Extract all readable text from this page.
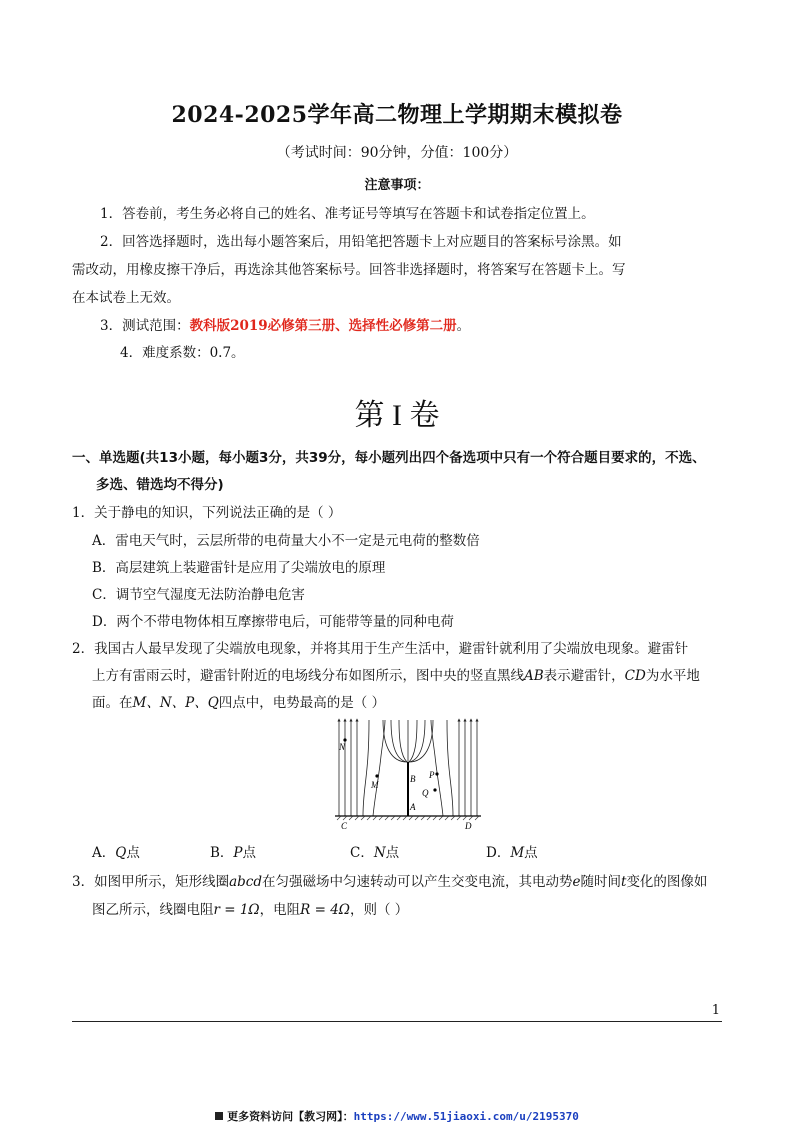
2024-2025学年高二物理上学期期末模拟卷
（考试时间：90分钟，分值：100分）
注意事项：
1．答卷前，考生务必将自己的姓名、准考证号等填写在答题卡和试卷指定位置上。
2．回答选择题时，选出每小题答案后，用铅笔把答题卡上对应题目的答案标号涂黑。如
需改动，用橡皮擦干净后，再选涂其他答案标号。回答非选择题时，将答案写在答题卡上。写
在本试卷上无效。
3．测试范围：教科版2019必修第三册、选择性必修第二册。
4．难度系数：0.7。
第 I 卷
一、单选题(共13小题，每小题3分，共39分，每小题列出四个备选项中只有一个符合题目要求的，不选、
多选、错选均不得分)
1．关于静电的知识，下列说法正确的是（ ）
A．雷电天气时，云层所带的电荷量大小不一定是元电荷的整数倍
B．高层建筑上装避雷针是应用了尖端放电的原理
C．调节空气湿度无法防治静电危害
D．两个不带电物体相互摩擦带电后，可能带等量的同种电荷
2．我国古人最早发现了尖端放电现象，并将其用于生产生活中，避雷针就利用了尖端放电现象。避雷针
上方有雷雨云时，避雷针附近的电场线分布如图所示，图中央的竖直黑线AB表示避雷针，CD为水平地
面。在M、N、P、Q四点中，电势最高的是（ ）
N
M
B P
Q
A
C	D
A．Q点	B．P点	C．N点	D．M点
3．如图甲所示，矩形线圈abcd在匀强磁场中匀速转动可以产生交变电流，其电动势e随时间t变化的图像如
图乙所示，线圈电阻r = 1Ω，电阻R = 4Ω，则（ ）
1
更多资料访问【教习网】：https://www.51jiaoxi.com/u/2195370
